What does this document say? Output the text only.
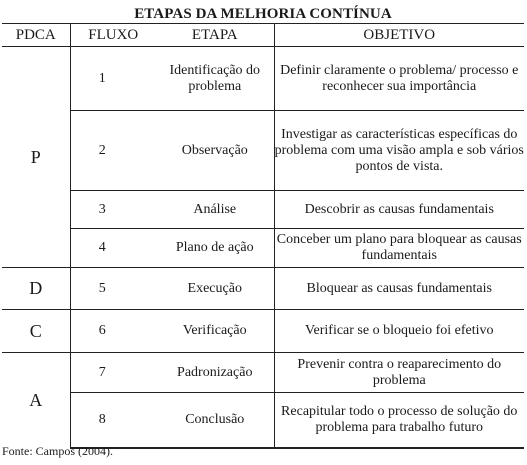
ETAPAS DA MELHORIA CONTÍNUA
PDCA	FLUXO	ETAPA	OBJETIVO
P	1	Identificação do problema	Definir claramente o problema/ processo e reconhecer sua importância
	2	Observação	Investigar as características específicas do problema com uma visão ampla e sob vários pontos de vista.
	3	Análise	Descobrir as causas fundamentais
	4	Plano de ação	Conceber um plano para bloquear as causas fundamentais
D	5	Execução	Bloquear as causas fundamentais
C	6	Verificação	Verificar se o bloqueio foi efetivo
A	7	Padronização	Prevenir contra o reaparecimento do problema
	8	Conclusão	Recapitular todo o processo de solução do problema para trabalho futuro
Fonte: Campos (2004).
